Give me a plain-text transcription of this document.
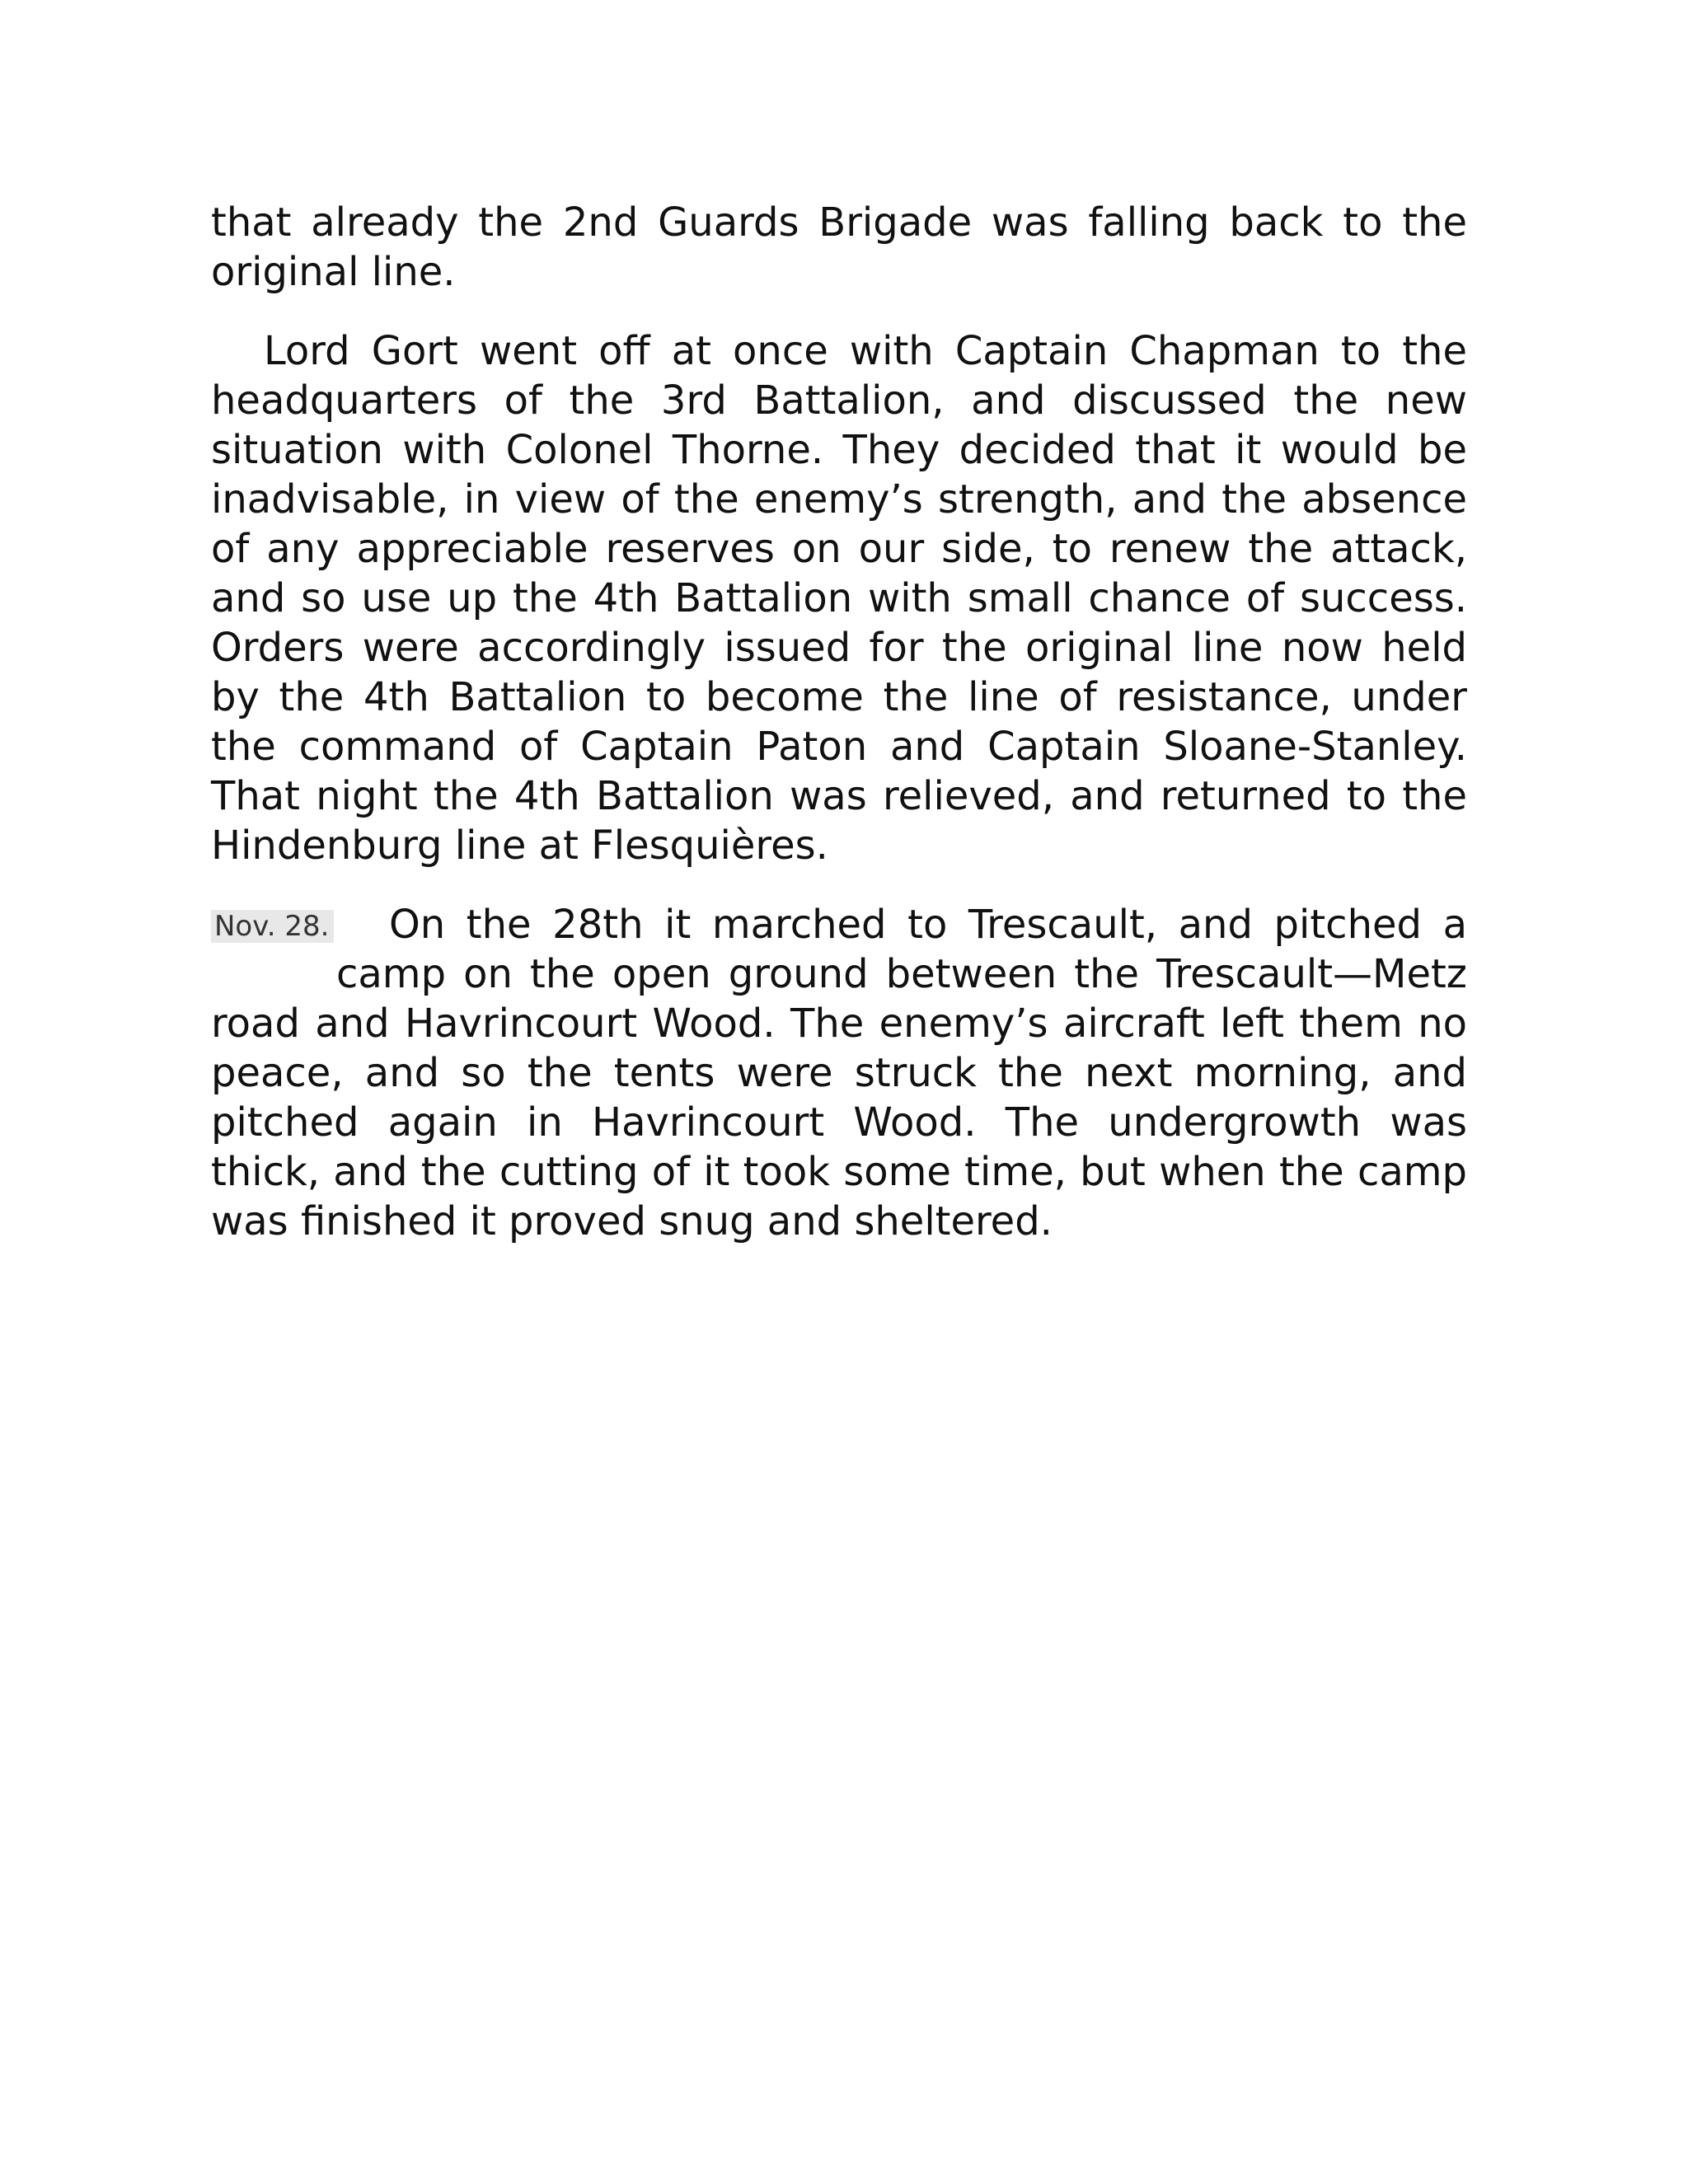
that already the 2nd Guards Brigade was falling back to the original line.

Lord Gort went off at once with Captain Chapman to the headquarters of the 3rd Battalion, and discussed the new situation with Colonel Thorne. They decided that it would be inadvisable, in view of the enemy’s strength, and the absence of any appreciable reserves on our side, to renew the attack, and so use up the 4th Battalion with small chance of success. Orders were accordingly issued for the original line now held by the 4th Battalion to become the line of resistance, under the command of Captain Paton and Captain Sloane-Stanley. That night the 4th Battalion was relieved, and returned to the Hindenburg line at Flesquières.

Nov. 28. On the 28th it marched to Trescault, and pitched a camp on the open ground between the Trescault—Metz road and Havrincourt Wood. The enemy’s aircraft left them no peace, and so the tents were struck the next morning, and pitched again in Havrincourt Wood. The undergrowth was thick, and the cutting of it took some time, but when the camp was finished it proved snug and sheltered.
